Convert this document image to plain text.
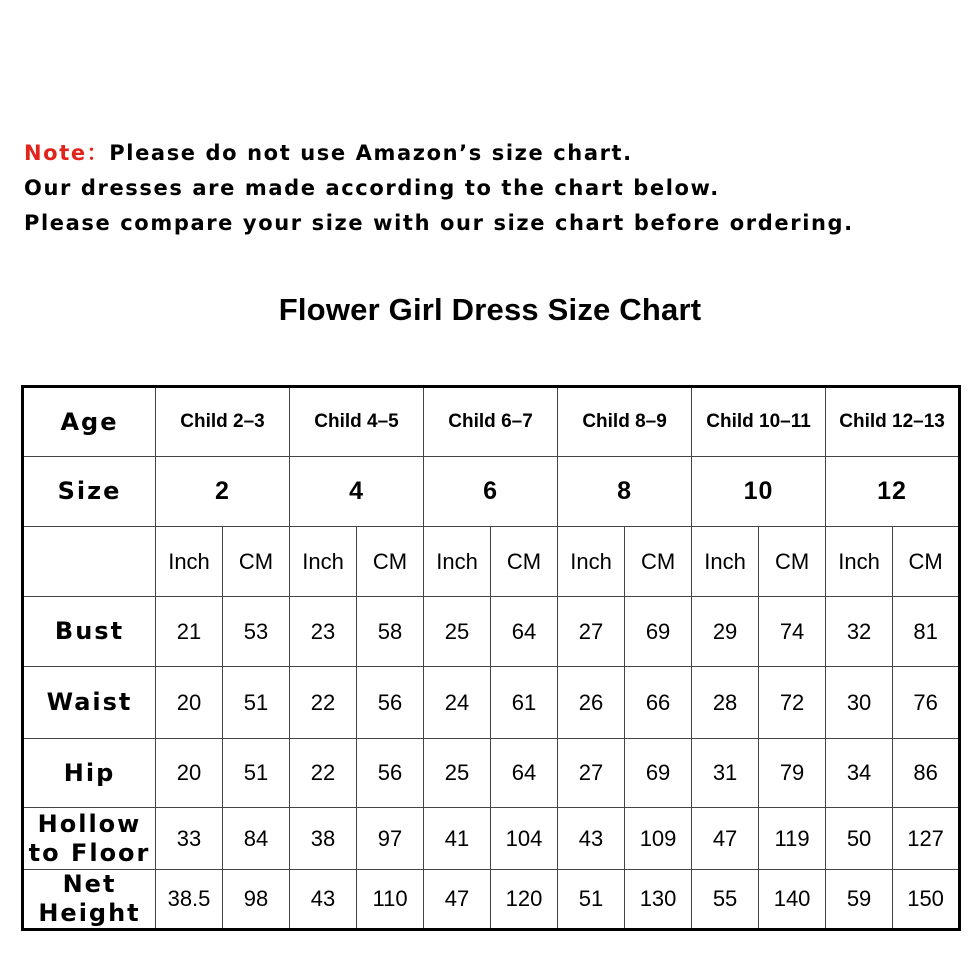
Note：Please do not use Amazon’s size chart.
Our dresses are made according to the chart below.
Please compare your size with our size chart before ordering.
Flower Girl Dress Size Chart
Age	Child 2–3		Child 4–5		Child 6–7		Child 8–9		Child 10–11		Child 12–13	
Size	2		4		6		8		10		12	
	Inch	CM	Inch	CM	Inch	CM	Inch	CM	Inch	CM	Inch	CM
Bust	21	53	23	58	25	64	27	69	29	74	32	81
Waist	20	51	22	56	24	61	26	66	28	72	30	76
Hip	20	51	22	56	25	64	27	69	31	79	34	86
Hollow
to Floor	33	84	38	97	41	104	43	109	47	119	50	127
Net
Height	38.5	98	43	110	47	120	51	130	55	140	59	150
